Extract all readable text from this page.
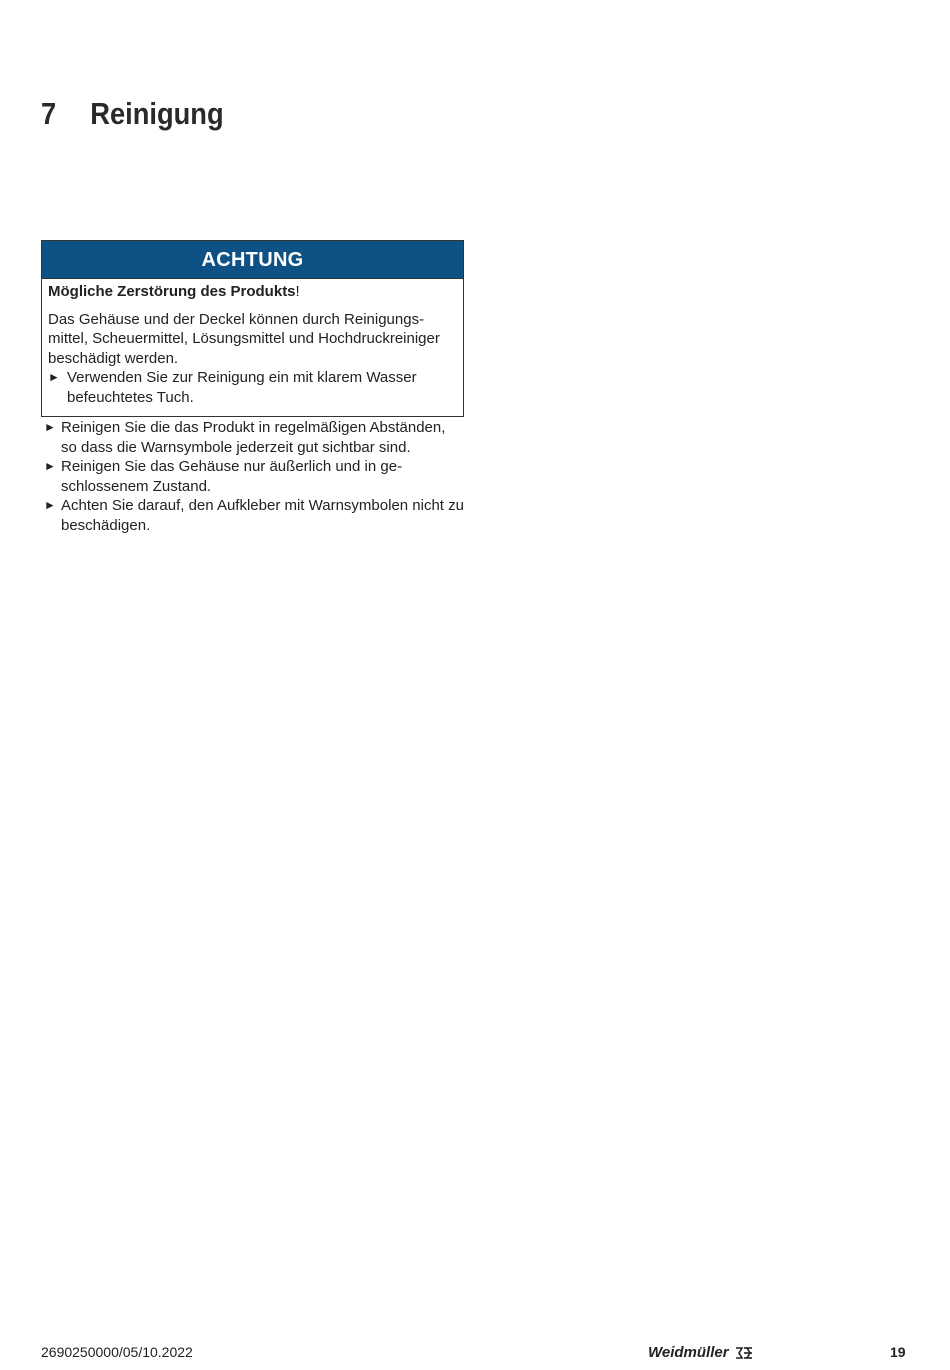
7	Reinigung
ACHTUNG
Mögliche Zerstörung des Produkts!

Das Gehäuse und der Deckel können durch Reinigungsmittel, Scheuermittel, Lösungsmittel und Hochdruckreiniger beschädigt werden.

► Verwenden Sie zur Reinigung ein mit klarem Wasser befeuchtetes Tuch.
► Reinigen Sie die das Produkt in regelmäßigen Abständen, so dass die Warnsymbole jederzeit gut sichtbar sind.
► Reinigen Sie das Gehäuse nur äußerlich und in geschlossenem Zustand.
► Achten Sie darauf, den Aufkleber mit Warnsymbolen nicht zu beschädigen.
2690250000/05/10.2022	Weidmüller	19
